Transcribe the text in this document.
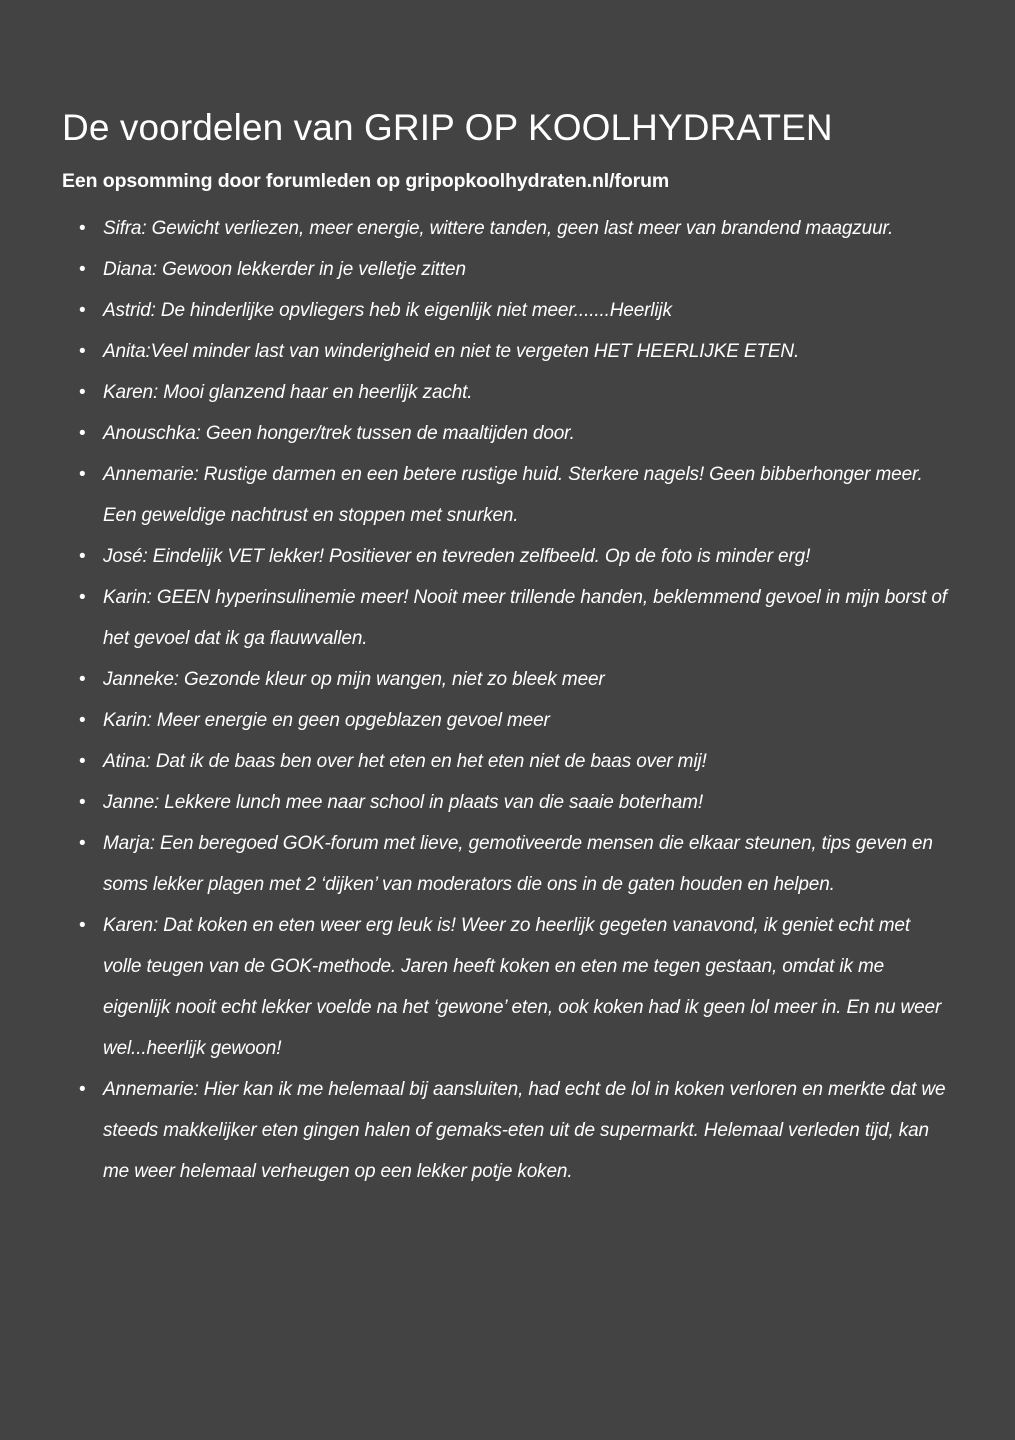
De voordelen van GRIP OP KOOLHYDRATEN
Een opsomming door forumleden op gripopkoolhydraten.nl/forum
• Sifra: Gewicht verliezen, meer energie, wittere tanden, geen last meer van brandend maagzuur.
• Diana: Gewoon lekkerder in je velletje zitten
• Astrid: De hinderlijke opvliegers heb ik eigenlijk niet meer.......Heerlijk
• Anita:Veel minder last van winderigheid en niet te vergeten HET HEERLIJKE ETEN.
• Karen: Mooi glanzend haar en heerlijk zacht.
• Anouschka: Geen honger/trek tussen de maaltijden door.
• Annemarie: Rustige darmen en een betere rustige huid. Sterkere nagels! Geen bibberhonger meer. Een geweldige nachtrust en stoppen met snurken.
• José: Eindelijk VET lekker! Positiever en tevreden zelfbeeld. Op de foto is minder erg!
• Karin: GEEN hyperinsulinemie meer! Nooit meer trillende handen, beklemmend gevoel in mijn borst of het gevoel dat ik ga flauwvallen.
• Janneke: Gezonde kleur op mijn wangen, niet zo bleek meer
• Karin: Meer energie en geen opgeblazen gevoel meer
• Atina: Dat ik de baas ben over het eten en het eten niet de baas over mij!
• Janne: Lekkere lunch mee naar school in plaats van die saaie boterham!
• Marja: Een beregoed GOK-forum met lieve, gemotiveerde mensen die elkaar steunen, tips geven en soms lekker plagen met 2 ‘dijken’ van moderators die ons in de gaten houden en helpen.
• Karen: Dat koken en eten weer erg leuk is! Weer zo heerlijk gegeten vanavond, ik geniet echt met volle teugen van de GOK-methode. Jaren heeft koken en eten me tegen gestaan, omdat ik me eigenlijk nooit echt lekker voelde na het ‘gewone’ eten, ook koken had ik geen lol meer in. En nu weer wel...heerlijk gewoon!
• Annemarie: Hier kan ik me helemaal bij aansluiten, had echt de lol in koken verloren en merkte dat we steeds makkelijker eten gingen halen of gemaks-eten uit de supermarkt. Helemaal verleden tijd, kan me weer helemaal verheugen op een lekker potje koken.
